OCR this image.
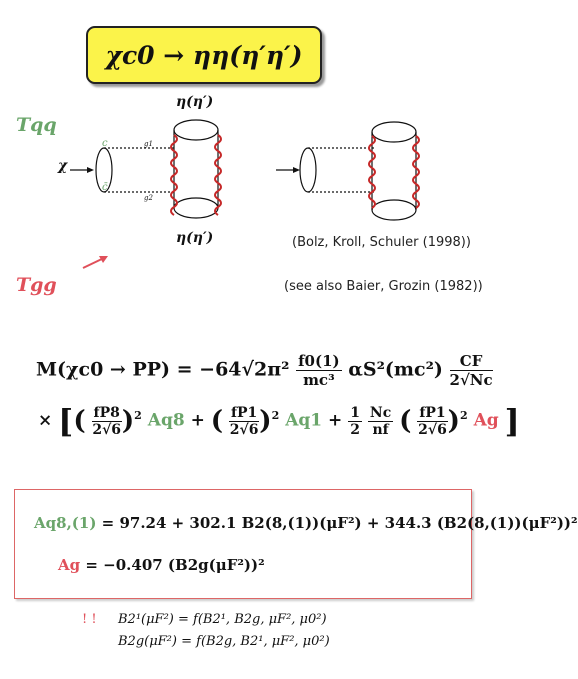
χc0 → ηη(η′η′)
Tqq
Tgg
η(η′)
η(η′)
χ
c
c̄
g1
g2
(Bolz, Kroll, Schuler (1998))
(see also Baier, Grozin (1982))
$M(\chi c0 \to PP) = -64√2\pi^2 \frac{f0(1)}{\text{mc³}} \alpha S^2(mc^2) \frac{CF}{2√Nc}$
× [( $\frac{fP8}{2√6} )^2$ Aq8 + ( $\frac{fP1}{2√6} )^2$ $Aq1 + \frac{1}{2}$
$\frac{Nc}{nf}$ ( $\frac{fP1}{2√6} )^2$ Ag ]
Aq8,(1) = 97.24 + 302.1 B2(8,(1))(μF²) + 344.3 (B2(8,(1))(μF²))²
Ag = −0.407 (B2g(μF²))²
! ! B2¹(μF²) = f(B2¹, B2g, μF², μ0²)
B2g(μF²) = f(B2g, B2¹, μF², μ0²)
